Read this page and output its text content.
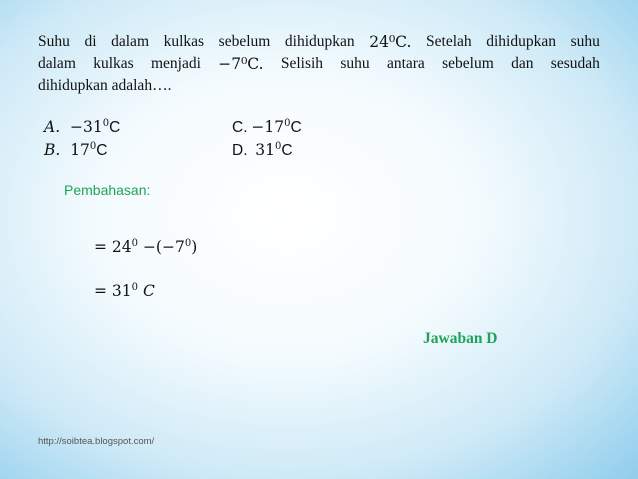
Suhu di dalam kulkas sebelum dihidupkan 24⁰C. Setelah dihidupkan suhu
dalam kulkas menjadi −7⁰C. Selisih suhu antara sebelum dan sesudah
dihidupkan adalah….
A. $-31^0C$
B. $17^0C$
C. $-17^0C$
D. $31^0C$
Pembahasan:
= $24^0 -(-7^0)$
= $31^0$ C
Jawaban D
http://soibtea.blogspot.com/
